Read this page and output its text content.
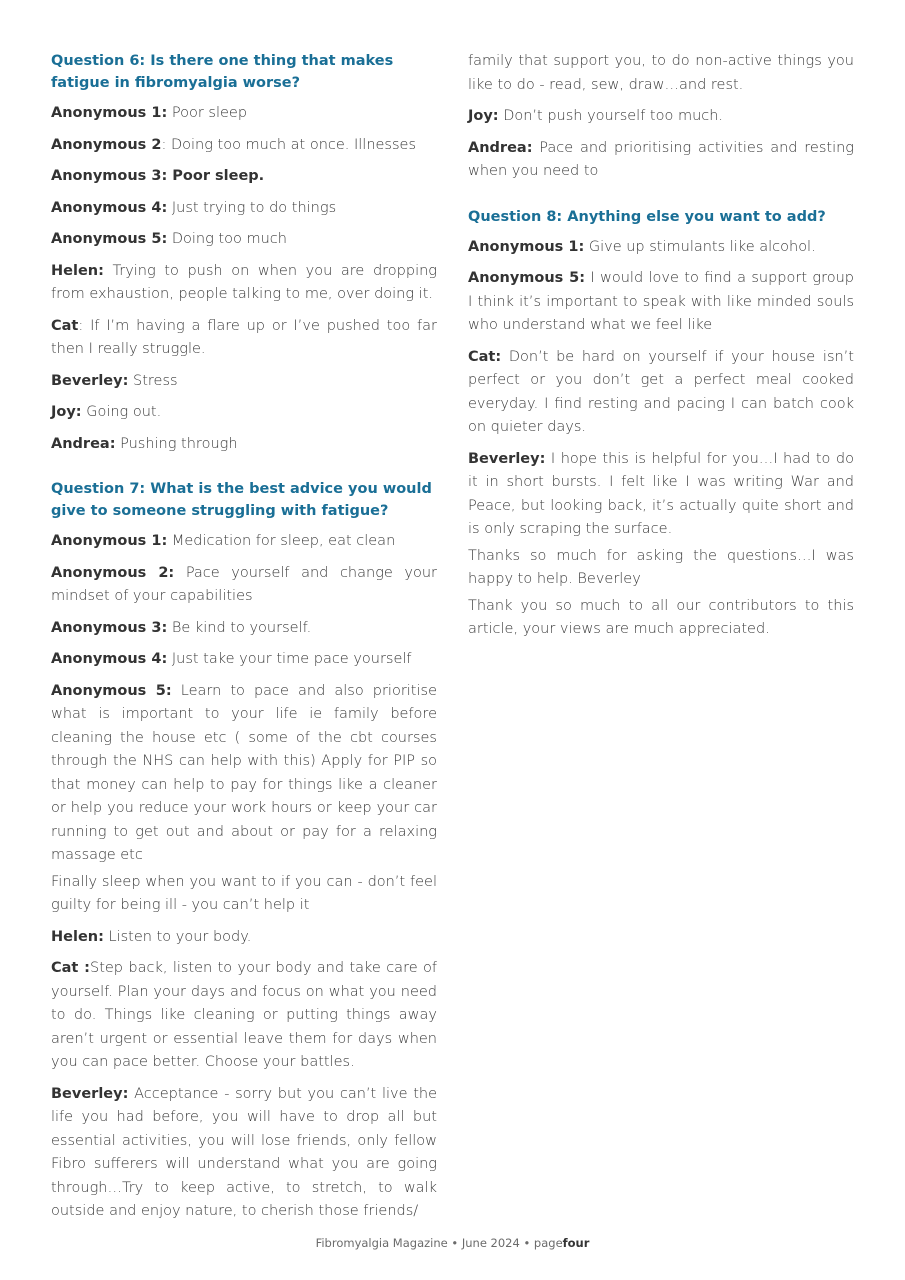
Question 6: Is there one thing that makes fatigue in fibromyalgia worse?

Anonymous 1: Poor sleep

Anonymous 2: Doing too much at once. Illnesses

Anonymous 3: Poor sleep.

Anonymous 4: Just trying to do things

Anonymous 5: Doing too much

Helen: Trying to push on when you are dropping from exhaustion, people talking to me, over doing it.

Cat: If I’m having a flare up or I’ve pushed too far then I really struggle.

Beverley: Stress

Joy: Going out.

Andrea: Pushing through

Question 7: What is the best advice you would give to someone struggling with fatigue?

Anonymous 1: Medication for sleep, eat clean

Anonymous 2: Pace yourself and change your mindset of your capabilities

Anonymous 3: Be kind to yourself.

Anonymous 4: Just take your time pace yourself

Anonymous 5: Learn to pace and also prioritise what is important to your life ie family before cleaning the house etc ( some of the cbt courses through the NHS can help with this) Apply for PIP so that money can help to pay for things like a cleaner or help you reduce your work hours or keep your car running to get out and about or pay for a relaxing massage etc

Finally sleep when you want to if you can - don’t feel guilty for being ill - you can’t help it

Helen: Listen to your body.

Cat :Step back, listen to your body and take care of yourself. Plan your days and focus on what you need to do. Things like cleaning or putting things away aren’t urgent or essential leave them for days when you can pace better. Choose your battles.

Beverley: Acceptance - sorry but you can’t live the life you had before, you will have to drop all but essential activities, you will lose friends, only fellow Fibro sufferers will understand what you are going through…Try to keep active, to stretch, to walk outside and enjoy nature, to cherish those friends/

family that support you, to do non-active things you like to do - read, sew, draw…and rest.

Joy: Don’t push yourself too much.

Andrea: Pace and prioritising activities and resting when you need to

Question 8: Anything else you want to add?

Anonymous 1: Give up stimulants like alcohol.

Anonymous 5: I would love to find a support group I think it’s important to speak with like minded souls who understand what we feel like

Cat: Don’t be hard on yourself if your house isn’t perfect or you don’t get a perfect meal cooked everyday. I find resting and pacing I can batch cook on quieter days.

Beverley: I hope this is helpful for you…I had to do it in short bursts. I felt like I was writing War and Peace, but looking back, it’s actually quite short and is only scraping the surface.

Thanks so much for asking the questions…I was happy to help. Beverley

Thank you so much to all our contributors to this article, your views are much appreciated.

Fibromyalgia Magazine • June 2024 • pagefour
